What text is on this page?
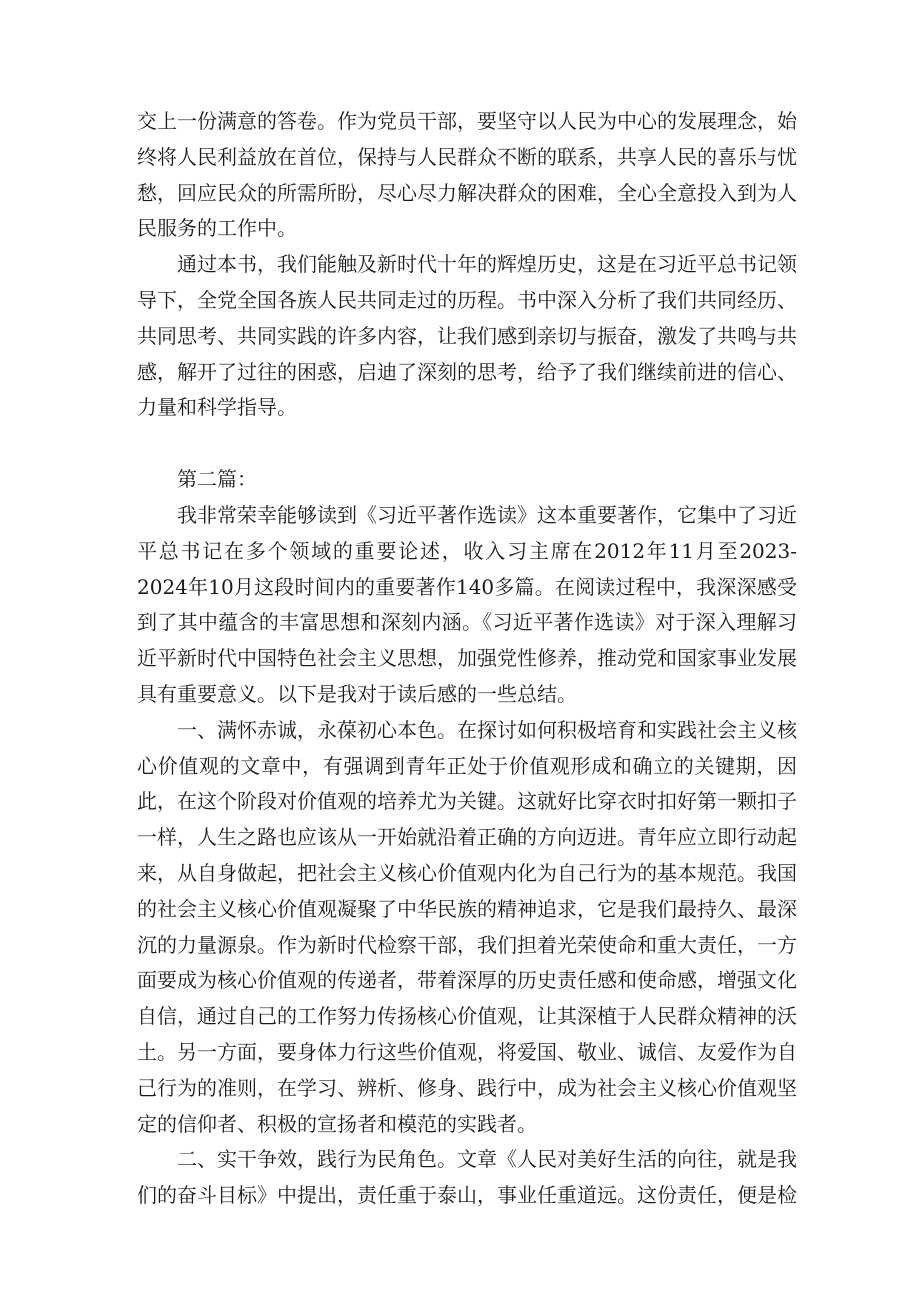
交上一份满意的答卷。作为党员干部，要坚守以人民为中心的发展理念，始终将人民利益放在首位，保持与人民群众不断的联系，共享人民的喜乐与忧愁，回应民众的所需所盼，尽心尽力解决群众的困难，全心全意投入到为人民服务的工作中。

通过本书，我们能触及新时代十年的辉煌历史，这是在习近平总书记领导下，全党全国各族人民共同走过的历程。书中深入分析了我们共同经历、共同思考、共同实践的许多内容，让我们感到亲切与振奋，激发了共鸣与共感，解开了过往的困惑，启迪了深刻的思考，给予了我们继续前进的信心、力量和科学指导。

第二篇：

我非常荣幸能够读到《习近平著作选读》这本重要著作，它集中了习近平总书记在多个领域的重要论述，收入习主席在2012年11月至2023-2024年10月这段时间内的重要著作140多篇。在阅读过程中，我深深感受到了其中蕴含的丰富思想和深刻内涵。《习近平著作选读》对于深入理解习近平新时代中国特色社会主义思想，加强党性修养，推动党和国家事业发展具有重要意义。以下是我对于读后感的一些总结。

一、满怀赤诚，永葆初心本色。在探讨如何积极培育和实践社会主义核心价值观的文章中，有强调到青年正处于价值观形成和确立的关键期，因此，在这个阶段对价值观的培养尤为关键。这就好比穿衣时扣好第一颗扣子一样，人生之路也应该从一开始就沿着正确的方向迈进。青年应立即行动起来，从自身做起，把社会主义核心价值观内化为自己行为的基本规范。我国的社会主义核心价值观凝聚了中华民族的精神追求，它是我们最持久、最深沉的力量源泉。作为新时代检察干部，我们担着光荣使命和重大责任，一方面要成为核心价值观的传递者，带着深厚的历史责任感和使命感，增强文化自信，通过自己的工作努力传扬核心价值观，让其深植于人民群众精神的沃土。另一方面，要身体力行这些价值观，将爱国、敬业、诚信、友爱作为自己行为的准则，在学习、辨析、修身、践行中，成为社会主义核心价值观坚定的信仰者、积极的宣扬者和模范的实践者。

二、实干争效，践行为民角色。文章《人民对美好生活的向往，就是我们的奋斗目标》中提出，责任重于泰山，事业任重道远。这份责任，便是检
